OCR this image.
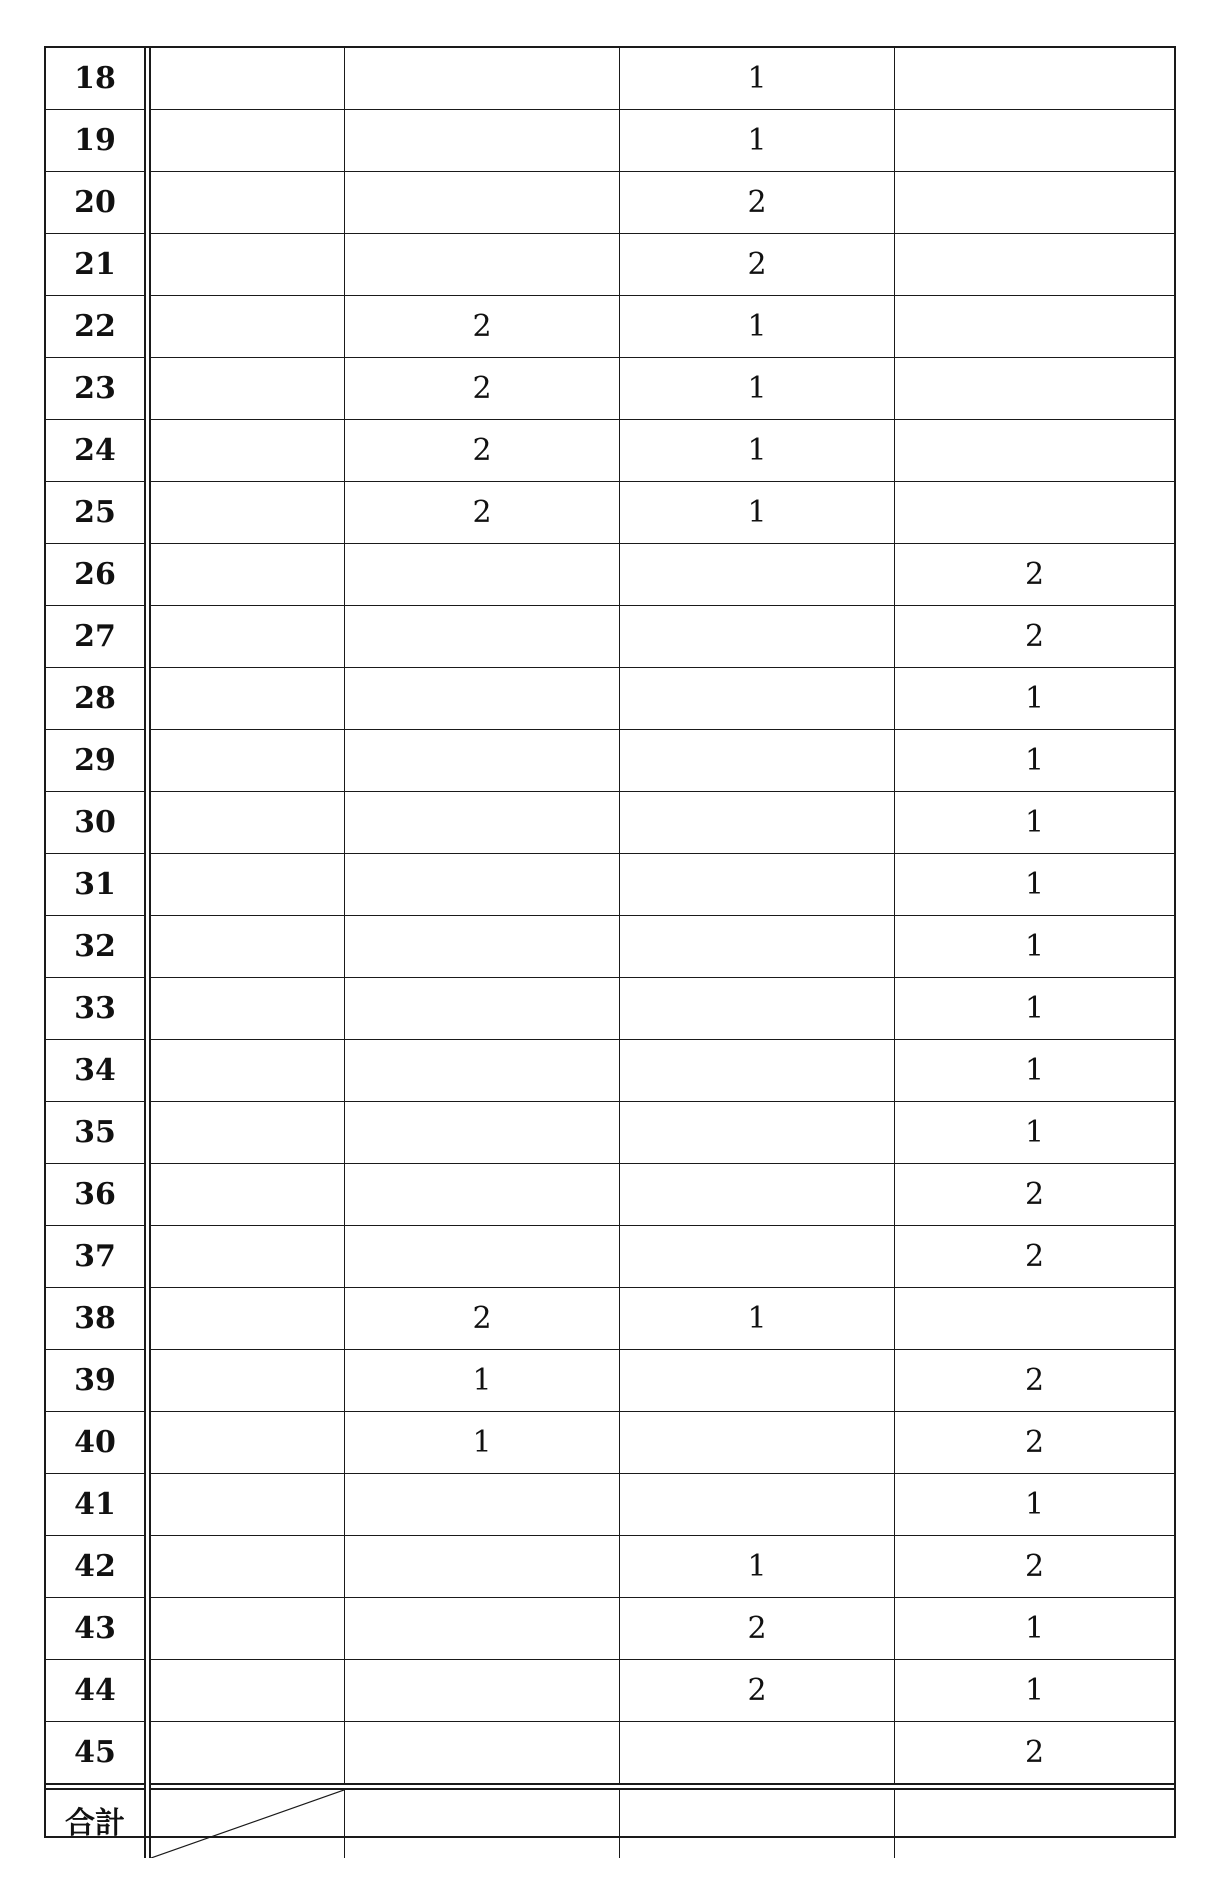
18			1	
19			1	
20			2	
21			2	
22		2	1	
23		2	1	
24		2	1	
25		2	1	
26				2
27				2
28				1
29				1
30				1
31				1
32				1
33				1
34				1
35				1
36				2
37				2
38		2	1	
39		1		2
40		1		2
41				1
42			1	2
43			2	1
44			2	1
45				2
合計	
